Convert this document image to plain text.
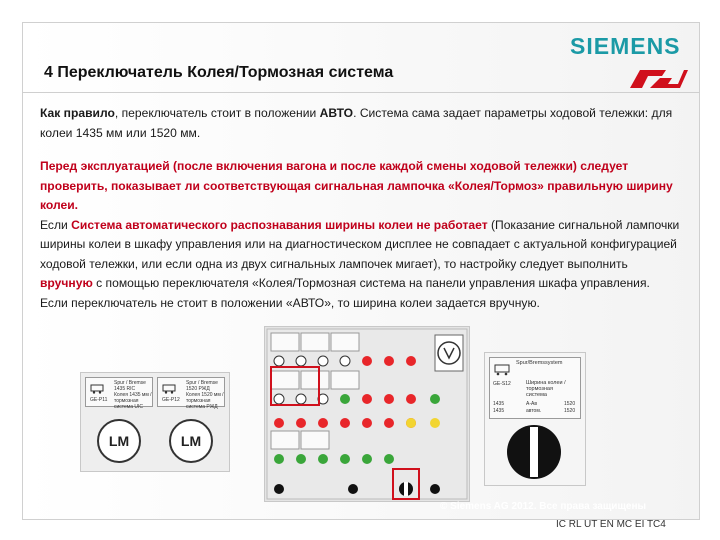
SIEMENS
4 Переключатель Колея/Тормозная система
Как правило, переключатель стоит в положении АВТО. Система сама задает параметры ходовой тележки: для колеи 1435 мм или 1520 мм.
Перед эксплуатацией (после включения вагона и после каждой смены ходовой тележки) следует проверить, показывает ли соответствующая сигнальная лампочка «Колея/Тормоз» правильную ширину колеи.
Если Система автоматического распознавания ширины колеи не работает (Показание сигнальной лампочки ширины колеи в шкафу управления или на диагностическом дисплее не совпадает с актуальной конфигурацией ходовой тележки, или если одна из двух сигнальных лампочек мигает), то настройку следует выполнить вручную с помощью переключателя «Колея/Тормозная система на панели управления шкафа управления. Если переключатель не стоит в положении «АВТО», то ширина колеи задается вручную.
Spur / Bremse
1435 RIC
Колея 1435 мм /
тормозная
система UIC
GE-P11
Spur / Bremse
1520 РЖД
Колея 1520 мм /
тормозная
система РЖД
GE-P12
LM	LM
Spur/Bremssystem
GE-S12	Ширина колеи /
тормозная
система
1435
1435
A-Aв
автом.
1520
1520
© Siemens AG 2012. Все права защищены
IC RL UT EN MC EI TC4
